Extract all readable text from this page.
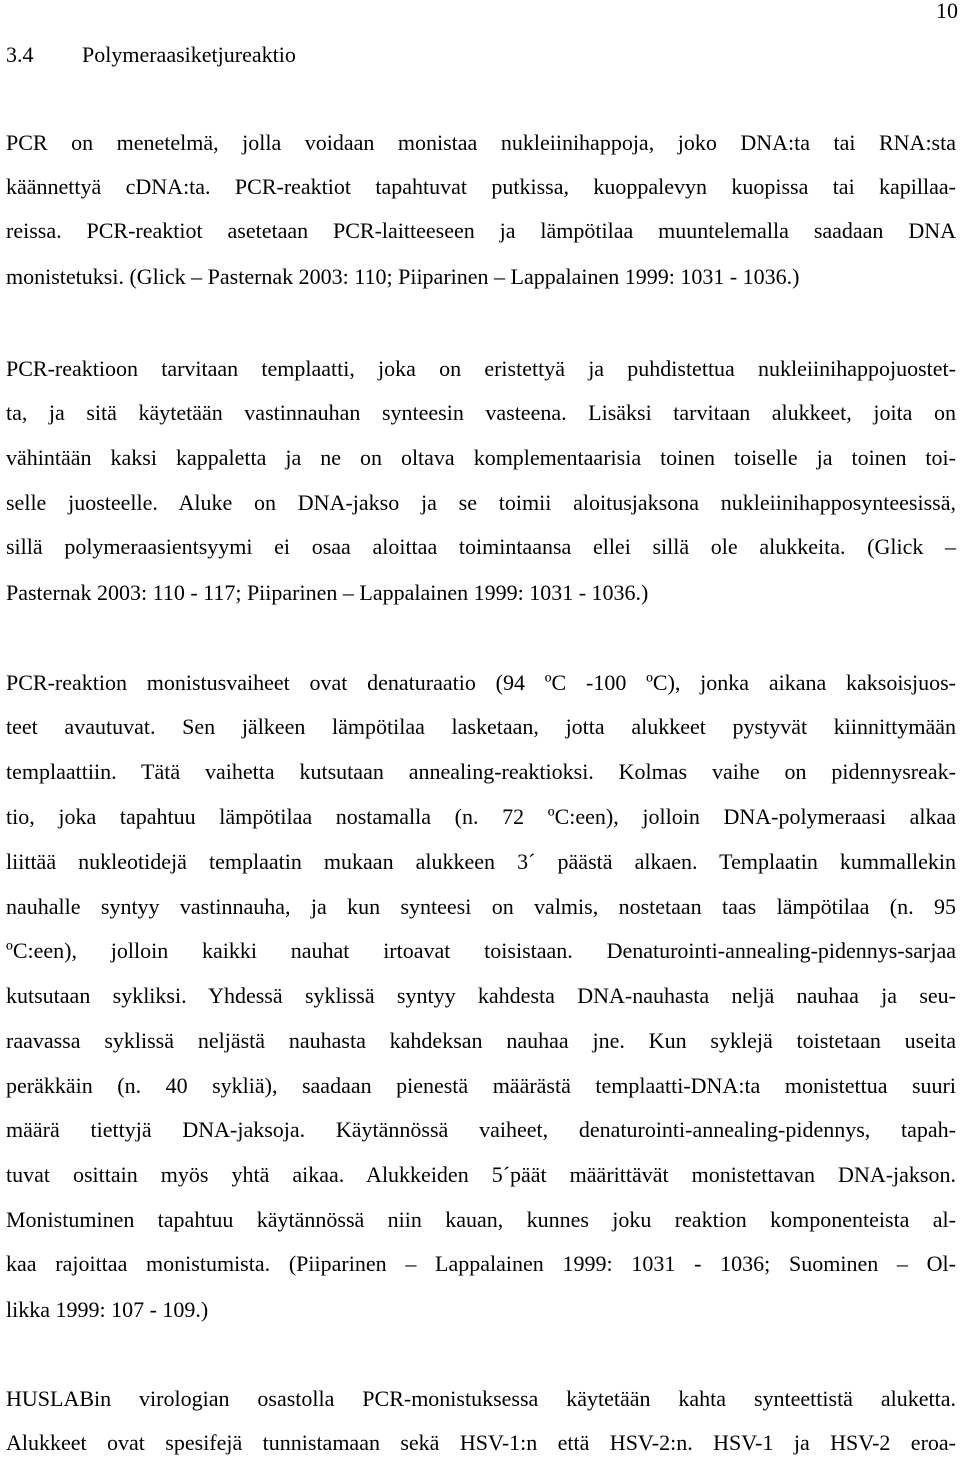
10
3.4 Polymeraasiketjureaktio
PCR on menetelmä, jolla voidaan monistaa nukleiinihappoja, joko DNA:ta tai RNA:sta
käännettyä cDNA:ta. PCR-reaktiot tapahtuvat putkissa, kuoppalevyn kuopissa tai kapillaa-
reissa. PCR-reaktiot asetetaan PCR-laitteeseen ja lämpötilaa muuntelemalla saadaan DNA
monistetuksi. (Glick – Pasternak 2003: 110; Piiparinen – Lappalainen 1999: 1031 - 1036.)
PCR-reaktioon tarvitaan templaatti, joka on eristettyä ja puhdistettua nukleiinihappojuostet-
ta, ja sitä käytetään vastinnauhan synteesin vasteena. Lisäksi tarvitaan alukkeet, joita on
vähintään kaksi kappaletta ja ne on oltava komplementaarisia toinen toiselle ja toinen toi-
selle juosteelle. Aluke on DNA-jakso ja se toimii aloitusjaksona nukleiinihapposynteesissä,
sillä polymeraasientsyymi ei osaa aloittaa toimintaansa ellei sillä ole alukkeita. (Glick –
Pasternak 2003: 110 - 117; Piiparinen – Lappalainen 1999: 1031 - 1036.)
PCR-reaktion monistusvaiheet ovat denaturaatio (94 ºC -100 ºC), jonka aikana kaksoisjuos-
teet avautuvat. Sen jälkeen lämpötilaa lasketaan, jotta alukkeet pystyvät kiinnittymään
templaattiin. Tätä vaihetta kutsutaan annealing-reaktioksi. Kolmas vaihe on pidennysreak-
tio, joka tapahtuu lämpötilaa nostamalla (n. 72 ºC:een), jolloin DNA-polymeraasi alkaa
liittää nukleotidejä templaatin mukaan alukkeen 3´ päästä alkaen. Templaatin kummallekin
nauhalle syntyy vastinnauha, ja kun synteesi on valmis, nostetaan taas lämpötilaa (n. 95
ºC:een), jolloin kaikki nauhat irtoavat toisistaan. Denaturointi-annealing-pidennys-sarjaa
kutsutaan sykliksi. Yhdessä syklissä syntyy kahdesta DNA-nauhasta neljä nauhaa ja seu-
raavassa syklissä neljästä nauhasta kahdeksan nauhaa jne. Kun syklejä toistetaan useita
peräkkäin (n. 40 sykliä), saadaan pienestä määrästä templaatti-DNA:ta monistettua suuri
määrä tiettyjä DNA-jaksoja. Käytännössä vaiheet, denaturointi-annealing-pidennys, tapah-
tuvat osittain myös yhtä aikaa. Alukkeiden 5´päät määrittävät monistettavan DNA-jakson.
Monistuminen tapahtuu käytännössä niin kauan, kunnes joku reaktion komponenteista al-
kaa rajoittaa monistumista. (Piiparinen – Lappalainen 1999: 1031 - 1036; Suominen – Ol-
likka 1999: 107 - 109.)
HUSLABin virologian osastolla PCR-monistuksessa käytetään kahta synteettistä aluketta.
Alukkeet ovat spesifejä tunnistamaan sekä HSV-1:n että HSV-2:n. HSV-1 ja HSV-2 eroa-
